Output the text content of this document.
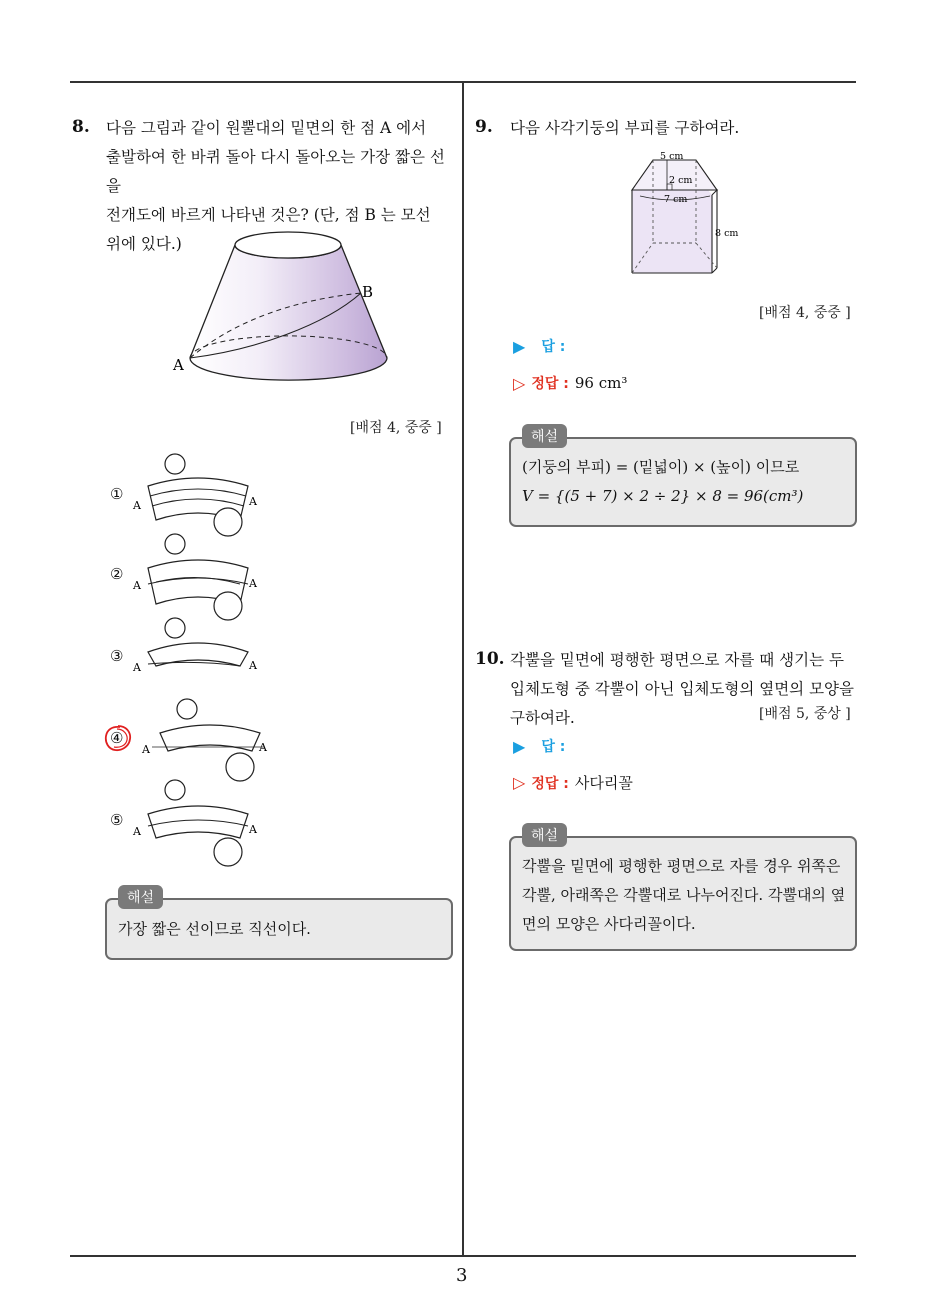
3
8. 다음 그림과 같이 원뿔대의 밑면의 한 점 A 에서
출발하여 한 바퀴 돌아 다시 돌아오는 가장 짧은 선을
전개도에 바르게 나타낸 것은? (단, 점 B 는 모선
위에 있다.)
A
B
[배점 4, 중중 ]
①
A	A
②
A	A
③
A	A
④
A	A
⑤
A	A
해설
가장 짧은 선이므로 직선이다.
9. 다음 사각기둥의 부피를 구하여라.
5 cm
2 cm
7 cm
8 cm
[배점 4, 중중 ]
▶ 답 :
▷ 정답 : 96 cm³
해설
(기둥의 부피) = (밑넓이) × (높이) 이므로
V = {(5 + 7) × 2 ÷ 2} × 8 = 96(cm³)
10. 각뿔을 밑면에 평행한 평면으로 자를 때 생기는 두
입체도형 중 각뿔이 아닌 입체도형의 옆면의 모양을
구하여라.	[배점 5, 중상 ]
▶ 답 :
▷ 정답 : 사다리꼴
해설
각뿔을 밑면에 평행한 평면으로 자를 경우 위쪽은
각뿔, 아래쪽은 각뿔대로 나누어진다. 각뿔대의 옆
면의 모양은 사다리꼴이다.
